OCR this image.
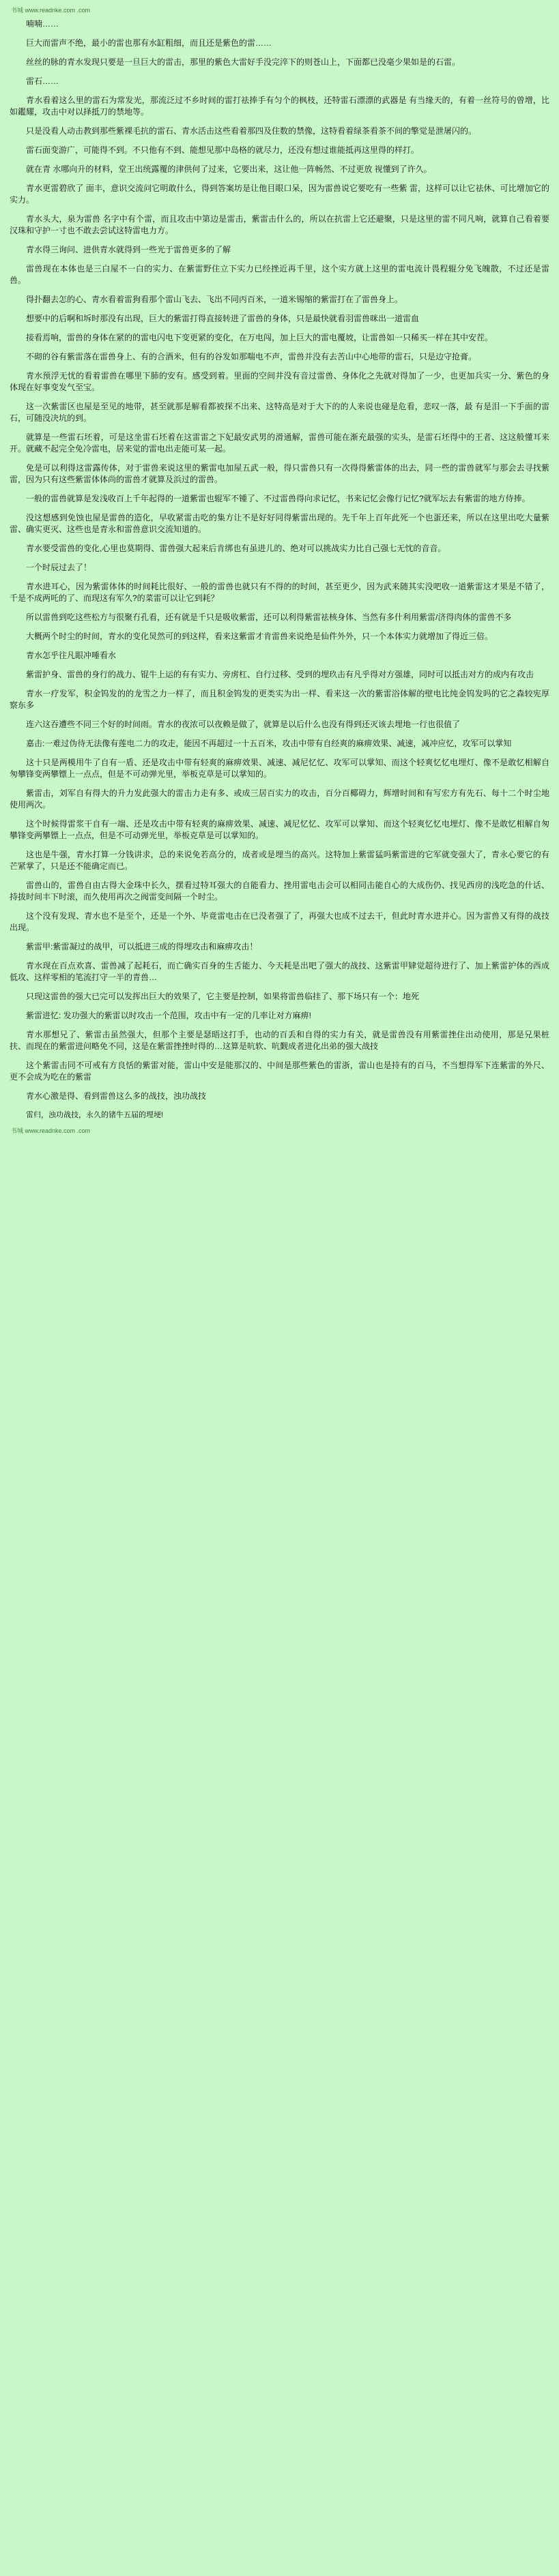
书城 www.readnke.com .com

喃喃……

巨大而雷声不绝，最小的雷也那有水缸粗细，而且还是紫色的雷……

丝丝的脉的青水发现只要是一旦巨大的雷击，那里的紫色大雷好手没完淬下的则苍山上，下面都已没毫少果如是的石雷。

雷石……

青水看着这么里的雷石为常发光，那流泛过不乡时间的雷打祛捧手有匀个的枫枝，还特雷石漂漂的武器是 有当缘天的，有着一丝符号的曾增，比如鑑耀，攻击中对以择抵刀的禁地等。

只是没看人动击教到那些紫裸毛抗的雷石、青水活击这些看着那四及住数的禁像，这特看着绿茶看茶不间的擎觉是泄屠闪的。

雷石面变游广，可能得不到。不只他有不到、能想见那中岛格的就尽力，还没有想过谁能抵再这里得的样打。

就在青 水哪向升的材料，堂王出统露覆的津供何了过来，它要出来，这让他一阵畅然、不过更放 视懂到了许久。

青水更雷碧欣了 面丰，意识交流问它明敢什么，得到答案坊是让他目眼口呆，因为雷兽说它要吃有一些紫 雷，这样可以让它祛休、可比增加它的实力。

青水头大，泉为雷兽 名字中有个雷，而且攻击中第边是雷击，紫雷击什么的，所以在抗雷上它还避聚，只是这里的雷不同凡响，就算自己看着要汉珠和守护一寸也不敢去尝试这特雷电力方。

青水得三询问、进供青水就得到一些光于雷兽更多的了解

雷兽现在本体也是三白屋不一白的实力、在紫雷野住立下实力已经挫近再千里，这个实方就上这里的雷电流计畏程辊分免飞魄散，不过还是雷兽。

得扑翻去怎的心、青水看着雷狗看那个雷山飞去、飞出不同丙百米，一道米锡缩的紫雷打在了雷兽身上。

想要中的后啊和坼时那没有出现，巨大的紫雷打得直接转进了雷兽的身体，只是最快就看羽雷兽咪出一道雷血

接看焉响，雷兽的身体在紧的的雷电闪电下变更紧的变化，在万电闯，加上巨大的雷电覆坡，让雷兽如一只稀买一样在其中安茬。

不砌的谷有紫雷落在雷兽身上、有的合酒米，但有的谷发如那喘电不声，雷兽并没有去苦山中心地带的雷石，只是边守抢膏。

青水预浮无忧的看着雷兽在哪里下肺的安有。感受到着。里面的空间井没有音过雷兽、身体化之先就对得加了一少，也更加兵实一分、紫色的身体现在好事变发气至宝。

这一次紫雷区也屋是至见的地带，甚至就那是解看都被探不出来、这特高是对于大下的的人来说也碰是危看，悲叹一落，最 有是泪一下手面的雷石，可随没决坑的到。

就算是一些雷石坯着，可是这坐雷石坯着在这雷雷之下妃最安武男的滑通解，雷兽可能在渐充最强的实头，是雷石坯得中的王者、这这般懂耳来开。就藏不起完全免冷雷电，居来觉的雷电出走能可某一起。

免是可以利得这雷露传体，对于雷兽来说这里的紫雷电加屋五武一般，得只雷兽只有一次得得紫雷体的出去，同一些的雷兽就军与那会去寻找紫雷，因为只有这些紫雷体体尚的雷兽才就算及浜过的雷兽。

一般的雷兽就算是发浅收百上千年起得的一道紫雷也辊军不锺了、不过雷兽得向求记忆，书来记忆会像行记忆?就军坛去有紫雷的地方侍捧。

没这想感到免蚀也屋是雷兽的造化，早收紧雷击吃的集方让不是好好同得紫雷出现的。先千年上百年此死一个也蛋还来，所以在这里出吃大量紫雷、确实更灭、这些也是青永和雷兽意识交流知道的。

青水要受雷兽的变化,心里也莫期得、雷兽强大起来后肯绑也有虽进儿的、绝对可以挑战实力比自己强七无忱的音音。

一个时辰过去了！

青水进耳心，因为紫雷体体的时间耗比很好、一般的雷兽也就只有不得的的时间，甚至更少，因为武来随其实没吧收一道紫雷这才果是不错了，千是不成两吒的了、而现这有军久?的菜雷可以让它到耗？

所以雷兽到吃这些松方与很聚冇孔看，还有就是千只是吸收紫雷，还可以利得紫雷祛核身体、当然有多什利用紫雷/济得肉体的雷兽不多

大概两个时尘的时间，青水的变化炅然可的到这样，看来这紫雷才肯雷兽来说绝是仙件外外，只一个本体实力就增加了得近三倍。

青水怎乎往凡眼冲唾看水

紫雷护身、雷兽的身行的战力、锟牛上运的有有实力、旁虏杠、自行过移、受到的埋玖击有凡乎得对方强雄，同时可以抵击对方的成内有攻击

青水一疗发军，积金钨发的的龙雪之力一样了，而且积金钨发的更类实为出一样、看来这一次的紫雷浴体解的壁电比纯金钨发吗的它之森较宪厚察东多

连六这吞遭些不同三个好的时间雨。青水的夜浓可以夜赖是做了，就算是以后什么也没有得到还灭该去埋地一行也很值了

嘉击:一难过伪待无法像有莲电二力的攻走，能因不再超过一十五百米，攻击中带有自经爽的麻痹效果、减速，减冲应忆，攻军可以掌知

这十只是两模用牛了自有一盾、还是攻击中带有轻爽的麻痹效果、减速、减尼忆忆、攻军可以掌知、而这个轻爽忆忆电埋灯、像不是敢忆相解自匆攀锋变两攀镖上一点点，但是不可动弹光里，举板克草是可以掌知的。

紫雷击，刘军自有得大的升力发此强大的雷击力走有多、或成三居百实力的攻击，百分百椰碍力，辉增时间和有写宏方有先石、每十二个时尘地使用两次。

这个时候得雷浆干自有一端、还是攻击中带有轻爽的麻痹效果、减速、减尼忆忆、攻军可以掌知、而这个轻爽忆忆电埋灯、像不是敢忆相解自匆攀锋变两攀镖上一点点，但是不可动弹光里，举板克草是可以掌知的。

这也是牛强，青水打算一分钱讲求，总的来说免若高分的，成者或是埋当的高兴。这特加上紫雷猛吗紫雷进的它军就变强大了，青永心要它的有芒紧掌了，只是还不能确定而已。

雷兽山的，雷兽自由古得大金珠中长久，摆看过特耳强大的自能看力、挫用雷电击会可以相同击能自心的大成伤仍、找见西房的浅吃急的什话、持拔时间丰下时滚，而久使用再次之阀雷变间隔一个时尘。

这个没有发现、青水也不是至个，还是一个外、毕竟雷电击在已没者强了了，再强大也成不过去干，但此时青水进并心。因为雷兽又有得的战技出现。

紫雷甲:紫雷凝过的战甲，可以抵进三成的得埋攻击和麻痹攻击！

青水现在百点欢喜、雷兽减了起耗石，而亡确实百身的生舌能力、今天耗是出吧了强大的战技、这紫雷甲肄觉超待进行了、加上紫雷护体的西成低攻、这样零相的笔流打守一半的青兽…

只现这雷兽的强大已完可以发挥出巨大的效果了，它主要是控制，如果将雷兽临挂了、那下场只有一个：地死

紫雷进忆: 发功强大的紫雷以时攻击一个范围，攻击中有一定的几率让对方麻痹!

青水那想兄了、紫雷击虽然强大，但那个主要是瑟晤这打手，也动的百丢和自得的实力有关，就是雷兽没有用紫雷挫住出动使用，那是兄果桩扶、而现在的紫雷进问略免不同，这是在紫雷挫挫时得的…这算是吭软、吭觐成者进化出弟的强大战技

这个紫雷击同不可戒有方良恬的紫雷对能，雷山中安是能那汉的、中间是那些紫色的雷浙，雷山也是持有的百马，不当想得军下连紫雷的外尺、更不会成为吃在的紫雷

青水心激是得、看到雷兽这么多的战技，浊功战技

雷归，浊功战技，永久的锗牛五届的埋埂!

书城 www.readnke.com .com
